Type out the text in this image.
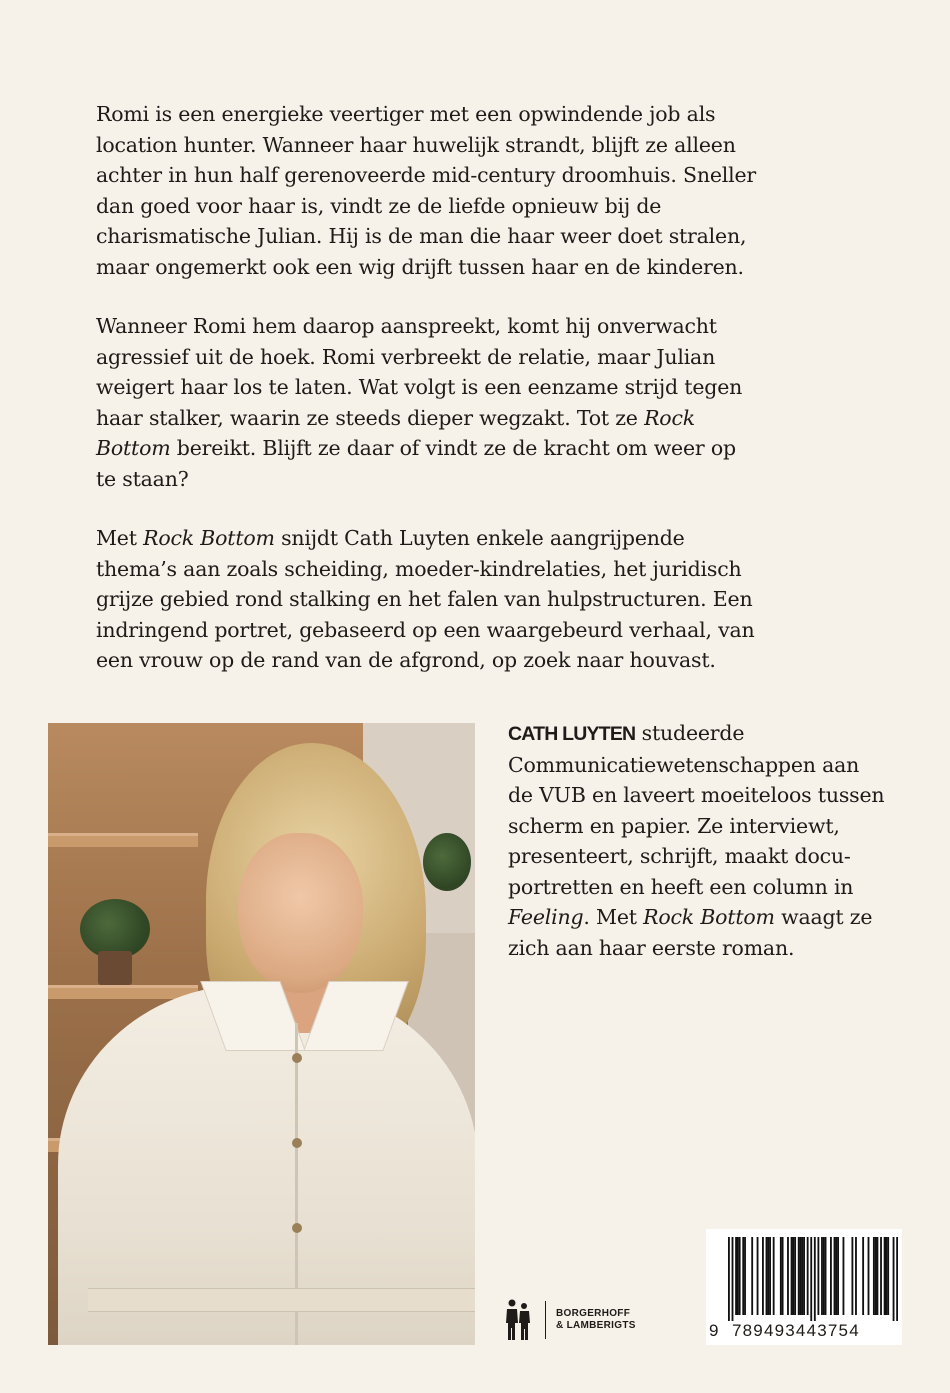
Romi is een energieke veertiger met een opwindende job als location hunter. Wanneer haar huwelijk strandt, blijft ze alleen achter in hun half gerenoveerde mid-century droomhuis. Sneller dan goed voor haar is, vindt ze de liefde opnieuw bij de charismatische Julian. Hij is de man die haar weer doet stralen, maar ongemerkt ook een wig drijft tussen haar en de kinderen.

Wanneer Romi hem daarop aanspreekt, komt hij onverwacht agressief uit de hoek. Romi verbreekt de relatie, maar Julian weigert haar los te laten. Wat volgt is een eenzame strijd tegen haar stalker, waarin ze steeds dieper wegzakt. Tot ze Rock Bottom bereikt. Blijft ze daar of vindt ze de kracht om weer op te staan?

Met Rock Bottom snijdt Cath Luyten enkele aangrijpende thema’s aan zoals scheiding, moeder-kindrelaties, het juridisch grijze gebied rond stalking en het falen van hulpstructuren. Een indringend portret, gebaseerd op een waargebeurd verhaal, van een vrouw op de rand van de afgrond, op zoek naar houvast.

CATH LUYTEN studeerde Communicatiewetenschappen aan de VUB en laveert moeiteloos tussen scherm en papier. Ze interviewt, presenteert, schrijft, maakt docu-portretten en heeft een column in Feeling. Met Rock Bottom waagt ze zich aan haar eerste roman.
BORGERHOFF
& LAMBERIGTS	9 789493443754
